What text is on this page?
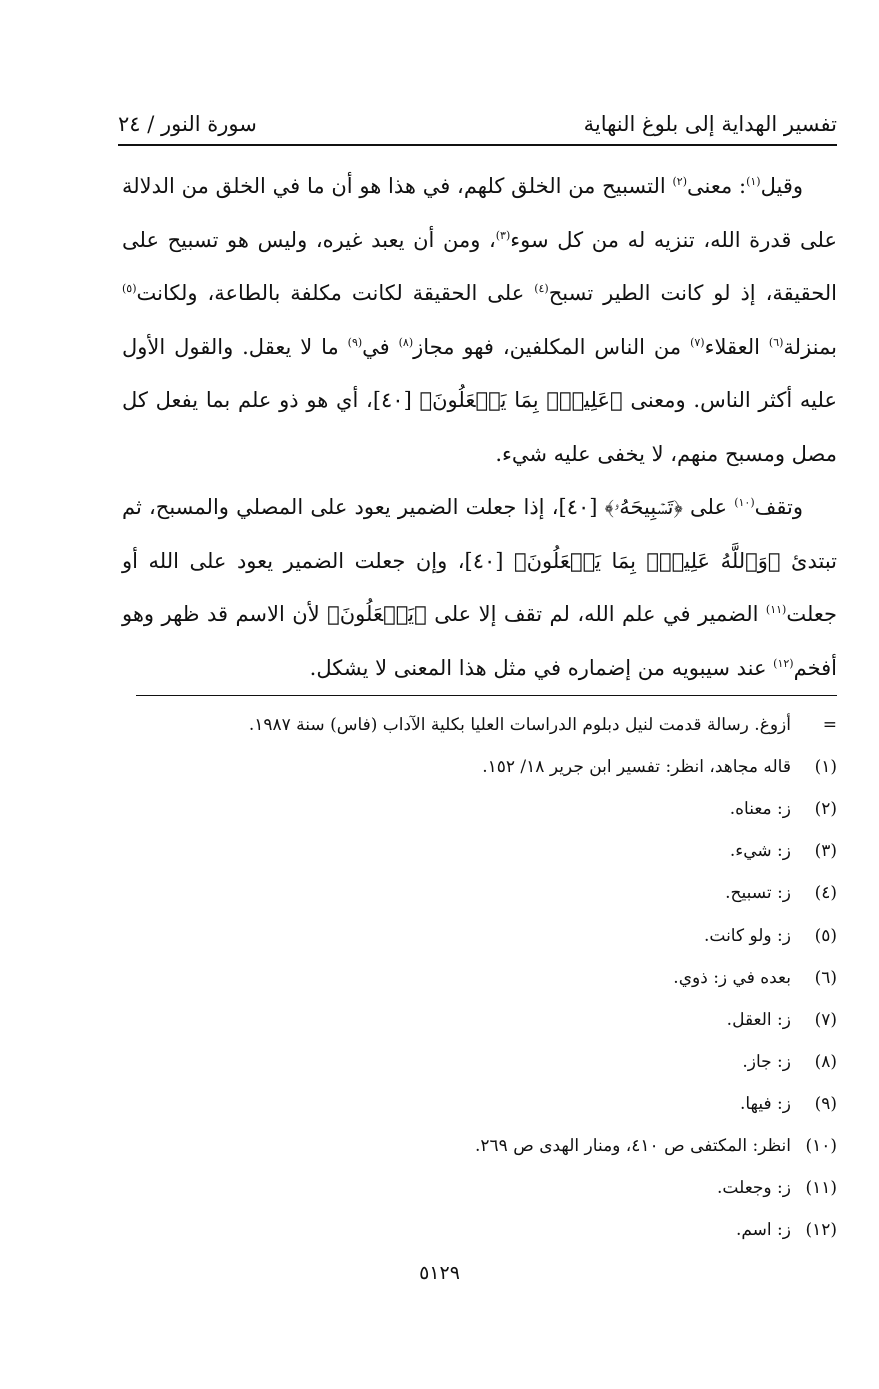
تفسير الهداية إلى بلوغ النهاية
سورة النور / ٢٤

وقيل$^{(١)}$: معنى$^{(٢)}$ التسبيح من الخلق كلهم، في هذا هو أن ما في الخلق من الدلالة على قدرة الله، تنزيه له من كل سوء$^{(٣)}$، ومن أن يعبد غيره، وليس هو تسبيح على الحقيقة، إذ لو كانت الطير تسبح$^{(٤)}$ على الحقيقة لكانت مكلفة بالطاعة، ولكانت$^{(٥)}$ بمنزلة$^{(٦)}$ العقلاء$^{(٧)}$ من الناس المكلفين، فهو مجاز$^{(٨)}$ في$^{(٩)}$ ما لا يعقل. والقول الأول عليه أكثر الناس. ومعنى ﴿عَلِيمُۢ بِمَا يَفۡعَلُونَ﴾ [٤٠]، أي هو ذو علم بما يفعل كل مصل ومسبح منهم، لا يخفى عليه شيء.

وتقف$^{(١٠)}$ على ﴿تَسۡبِيحَهُۥ﴾ [٤٠]، إذا جعلت الضمير يعود على المصلي والمسبح، ثم تبتدئ ﴿وَٱللَّهُ عَلِيمُۢ بِمَا يَفۡعَلُونَ﴾ [٤٠]، وإن جعلت الضمير يعود على الله أو جعلت$^{(١١)}$ الضمير في علم الله، لم تقف إلا على ﴿يَفۡعَلُونَ﴾ لأن الاسم قد ظهر وهو أفخم$^{(١٢)}$ عند سيبويه من إضماره في مثل هذا المعنى لا يشكل.

=
أزوغ. رسالة قدمت لنيل دبلوم الدراسات العليا بكلية الآداب (فاس) سنة ١٩٨٧.
(١)
قاله مجاهد، انظر: تفسير ابن جرير ١٨/ ١٥٢.
(٢)
ز: معناه.
(٣)
ز: شيء.
(٤)
ز: تسبيح.
(٥)
ز: ولو كانت.
(٦)
بعده في ز: ذوي.
(٧)
ز: العقل.
(٨)
ز: جاز.
(٩)
ز: فيها.
(١٠)
انظر: المكتفى ص ٤١٠، ومنار الهدى ص ٢٦٩.
(١١)
ز: وجعلت.
(١٢)
ز: اسم.
٥١٢٩
